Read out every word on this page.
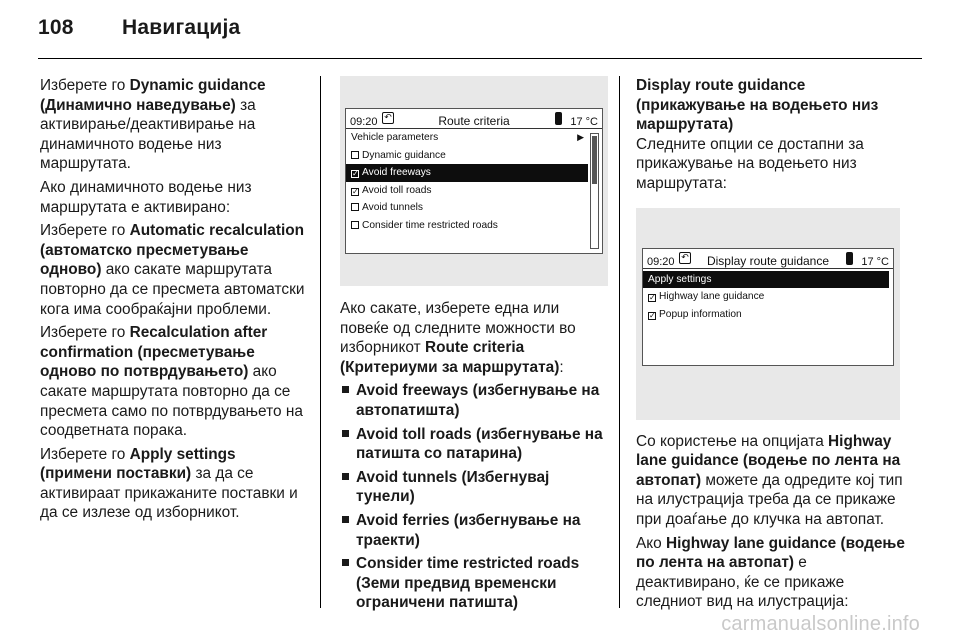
108 Навигација

Изберете го Dynamic guidance (Динамично наведување) за активирање/деактивирање на динамичното водење низ маршрутата.

Ако динамичното водење низ маршрутата е активирано:

Изберете го Automatic recalculation (автоматско пресметување одново) ако сакате маршрутата повторно да се пресмета автоматски кога има сообраќајни проблеми.

Изберете го Recalculation after confirmation (пресметување одново по потврдувањето) ако сакате маршрутата повторно да се пресмета само по потврдувањето на соодветната порака.

Изберете го Apply settings (примени поставки) за да се активираат прикажаните поставки и да се излезе од изборникот.

09:20 ↶	Route criteria	17 °C
Vehicle parameters	▶
Dynamic guidance
✓ Avoid freeways
✓ Avoid toll roads
Avoid tunnels
Consider time restricted roads

Ако сакате, изберете една или повеќе од следните можности во изборникот Route criteria (Критериуми за маршрутата):

Avoid freeways (избегнување на автопатишта)
Avoid toll roads (избегнување на патишта со патарина)
Avoid tunnels (Избегнувај тунели)
Avoid ferries (избегнување на траекти)
Consider time restricted roads (Земи предвид временски ограничени патишта)

Display route guidance (прикажување на водењето низ маршрутата)
Следните опции се достапни за прикажување на водењето низ маршрутата:

09:20 ↶	Display route guidance	17 °C
Apply settings
✓ Highway lane guidance
✓ Popup information

Со користење на опцијата Highway lane guidance (водење по лента на автопат) можете да одредите кој тип на илустрација треба да се прикаже при доаѓање до клучка на автопат.

Ако Highway lane guidance (водење по лента на автопат) е деактивирано, ќе се прикаже следниот вид на илустрација:

carmanualsonline.info
